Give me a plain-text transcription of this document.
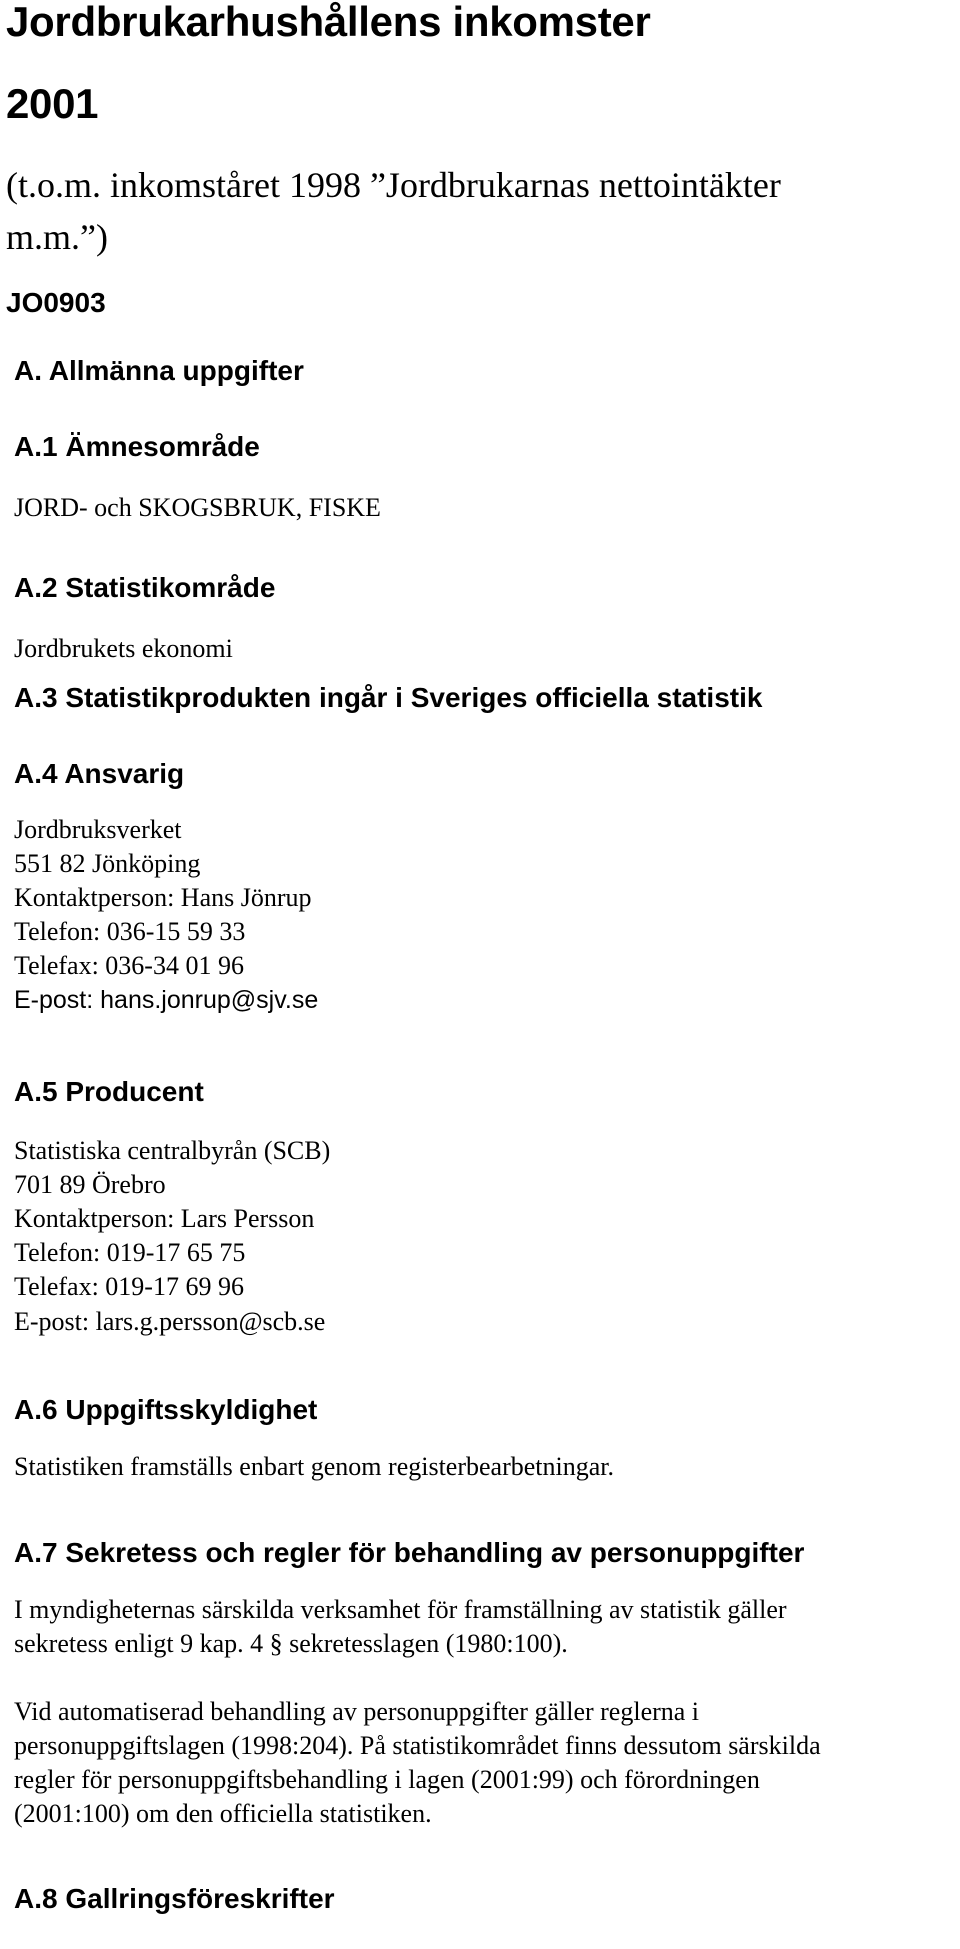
Jordbrukarhushållens inkomster
2001
(t.o.m. inkomståret 1998 ”Jordbrukarnas nettointäkter
m.m.”)
JO0903
A. Allmänna uppgifter
A.1 Ämnesområde
JORD- och SKOGSBRUK, FISKE
A.2 Statistikområde
Jordbrukets ekonomi
A.3 Statistikprodukten ingår i Sveriges officiella statistik
A.4 Ansvarig
Jordbruksverket
551 82 Jönköping
Kontaktperson: Hans Jönrup
Telefon: 036-15 59 33
Telefax: 036-34 01 96
E-post: hans.jonrup@sjv.se
A.5 Producent
Statistiska centralbyrån (SCB)
701 89 Örebro
Kontaktperson: Lars Persson
Telefon: 019-17 65 75
Telefax: 019-17 69 96
E-post: lars.g.persson@scb.se
A.6 Uppgiftsskyldighet
Statistiken framställs enbart genom registerbearbetningar.
A.7 Sekretess och regler för behandling av personuppgifter
I myndigheternas särskilda verksamhet för framställning av statistik gäller
sekretess enligt 9 kap. 4 § sekretesslagen (1980:100).
Vid automatiserad behandling av personuppgifter gäller reglerna i
personuppgiftslagen (1998:204). På statistikområdet finns dessutom särskilda
regler för personuppgiftsbehandling i lagen (2001:99) och förordningen
(2001:100) om den officiella statistiken.
A.8 Gallringsföreskrifter
